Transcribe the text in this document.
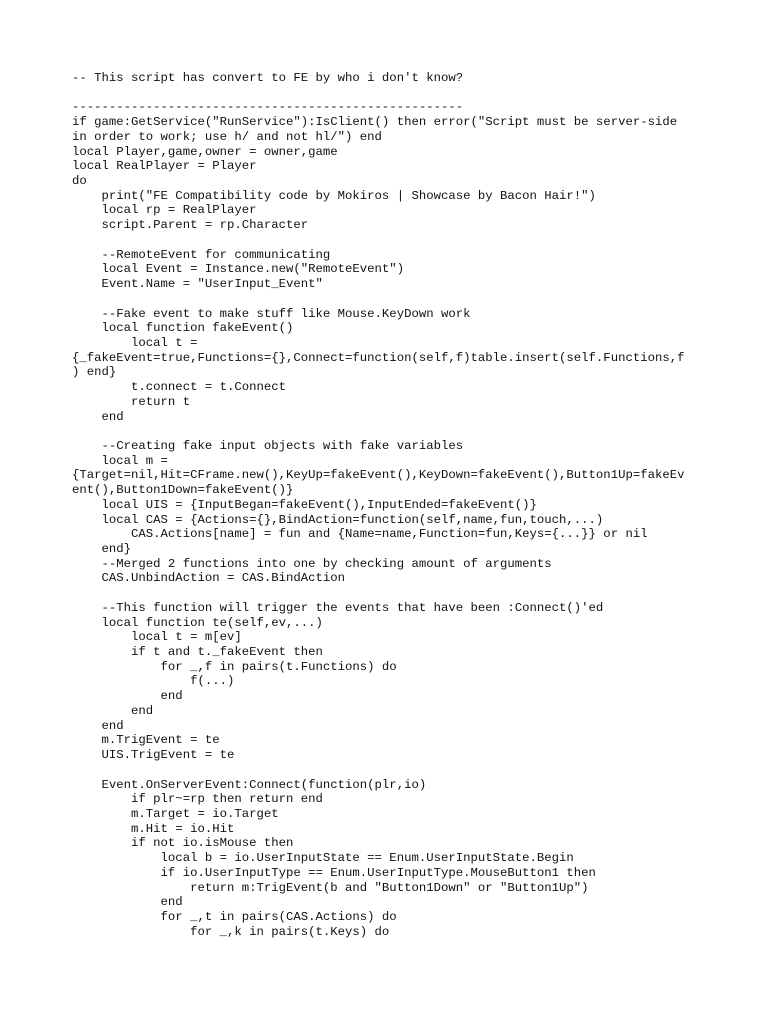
-- This script has convert to FE by who i don't know?
-----------------------------------------------------
if game:GetService("RunService"):IsClient() then error("Script must be server-side
in order to work; use h/ and not hl/") end
local Player,game,owner = owner,game
local RealPlayer = Player
do
print("FE Compatibility code by Mokiros | Showcase by Bacon Hair!")
local rp = RealPlayer
script.Parent = rp.Character
--RemoteEvent for communicating
local Event = Instance.new("RemoteEvent")
Event.Name = "UserInput_Event"
--Fake event to make stuff like Mouse.KeyDown work
local function fakeEvent()
local t =
{_fakeEvent=true,Functions={},Connect=function(self,f)table.insert(self.Functions,f
) end}
t.connect = t.Connect
return t
end
--Creating fake input objects with fake variables
local m =
{Target=nil,Hit=CFrame.new(),KeyUp=fakeEvent(),KeyDown=fakeEvent(),Button1Up=fakeEv
ent(),Button1Down=fakeEvent()}
local UIS = {InputBegan=fakeEvent(),InputEnded=fakeEvent()}
local CAS = {Actions={},BindAction=function(self,name,fun,touch,...)
CAS.Actions[name] = fun and {Name=name,Function=fun,Keys={...}} or nil
end}
--Merged 2 functions into one by checking amount of arguments
CAS.UnbindAction = CAS.BindAction
--This function will trigger the events that have been :Connect()'ed
local function te(self,ev,...)
local t = m[ev]
if t and t._fakeEvent then
for _,f in pairs(t.Functions) do
f(...)
end
end
end
m.TrigEvent = te
UIS.TrigEvent = te
Event.OnServerEvent:Connect(function(plr,io)
if plr~=rp then return end
m.Target = io.Target
m.Hit = io.Hit
if not io.isMouse then
local b = io.UserInputState == Enum.UserInputState.Begin
if io.UserInputType == Enum.UserInputType.MouseButton1 then
return m:TrigEvent(b and "Button1Down" or "Button1Up")
end
for _,t in pairs(CAS.Actions) do
for _,k in pairs(t.Keys) do
